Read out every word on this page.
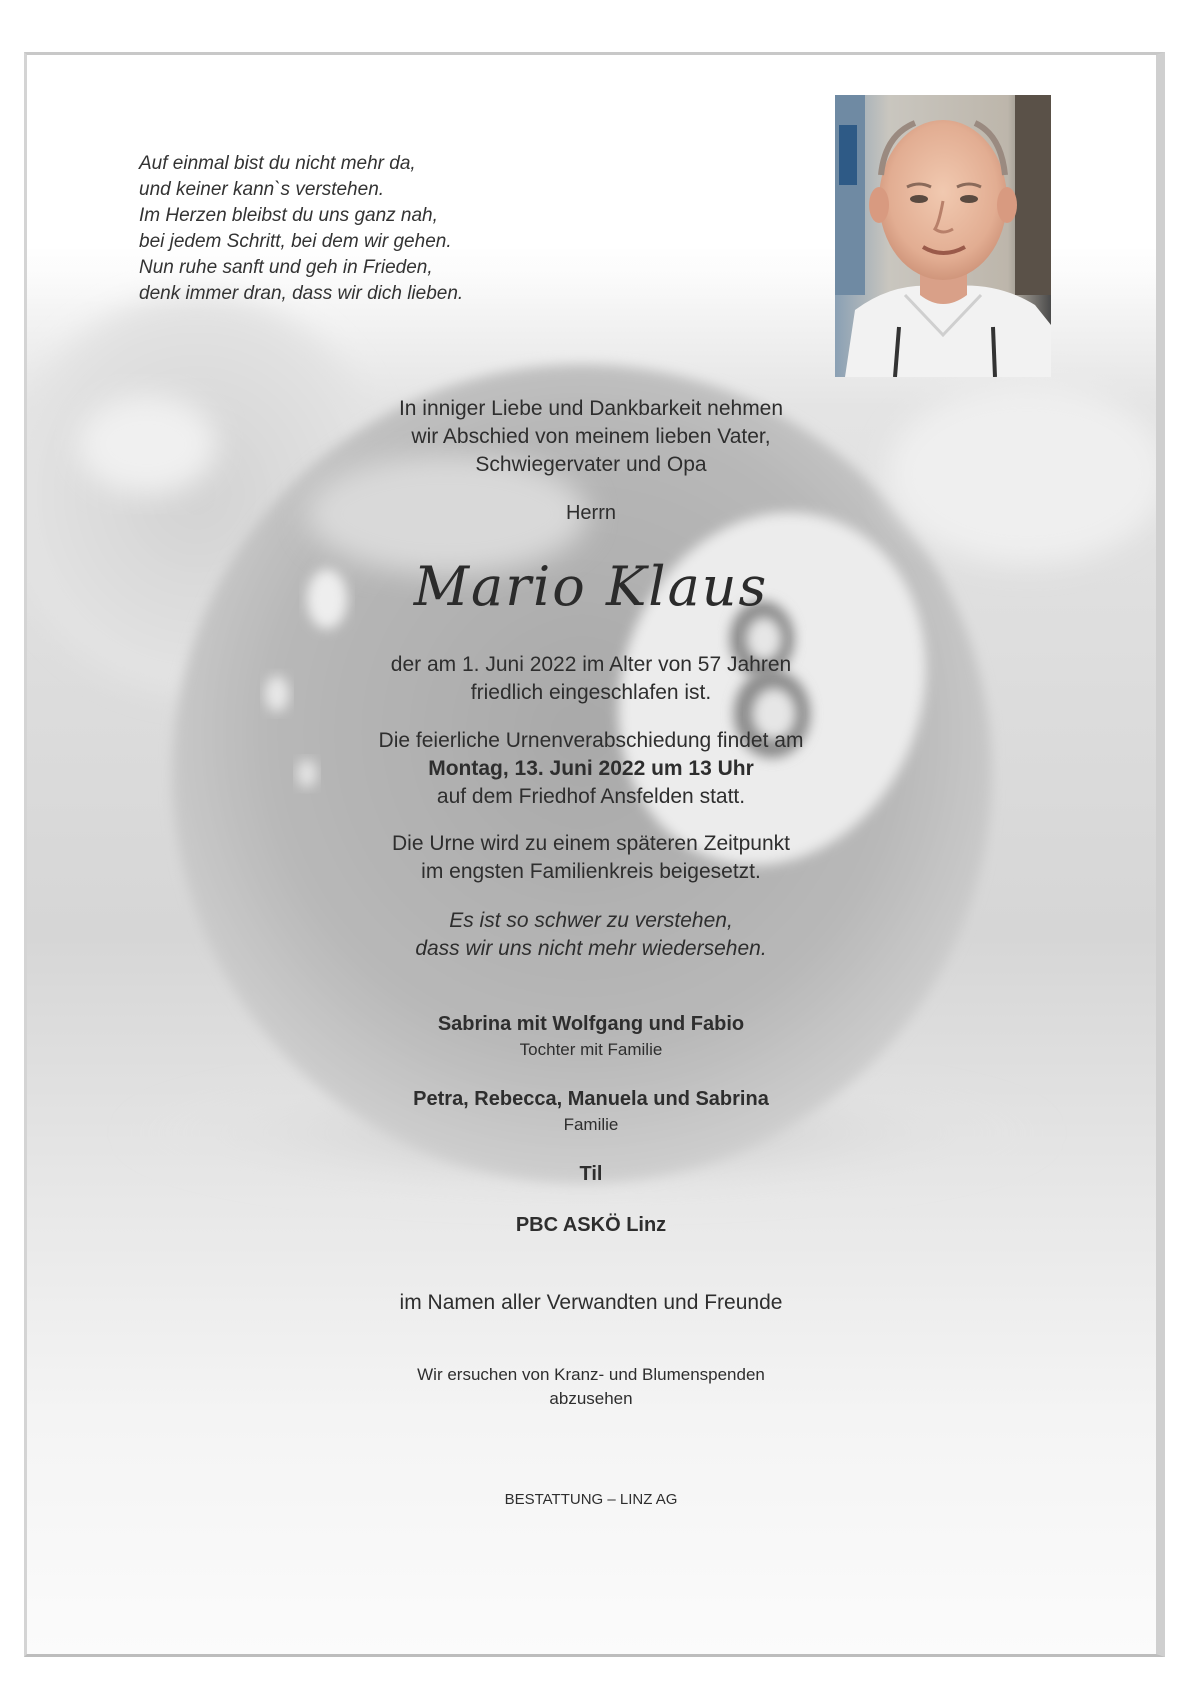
Auf einmal bist du nicht mehr da,
und keiner kann`s verstehen.
Im Herzen bleibst du uns ganz nah,
bei jedem Schritt, bei dem wir gehen.
Nun ruhe sanft und geh in Frieden,
denk immer dran, dass wir dich lieben.
In inniger Liebe und Dankbarkeit nehmen
wir Abschied von meinem lieben Vater,
Schwiegervater und Opa
Herrn
Mario Klaus
der am 1. Juni 2022 im Alter von 57 Jahren
friedlich eingeschlafen ist.
Die feierliche Urnenverabschiedung findet am
Montag, 13. Juni 2022 um 13 Uhr
auf dem Friedhof Ansfelden statt.
Die Urne wird zu einem späteren Zeitpunkt
im engsten Familienkreis beigesetzt.
Es ist so schwer zu verstehen,
dass wir uns nicht mehr wiedersehen.
Sabrina mit Wolfgang und Fabio
Tochter mit Familie
Petra, Rebecca, Manuela und Sabrina
Familie
Til
PBC ASKÖ Linz
im Namen aller Verwandten und Freunde
Wir ersuchen von Kranz- und Blumenspenden
abzusehen
BESTATTUNG – LINZ AG
